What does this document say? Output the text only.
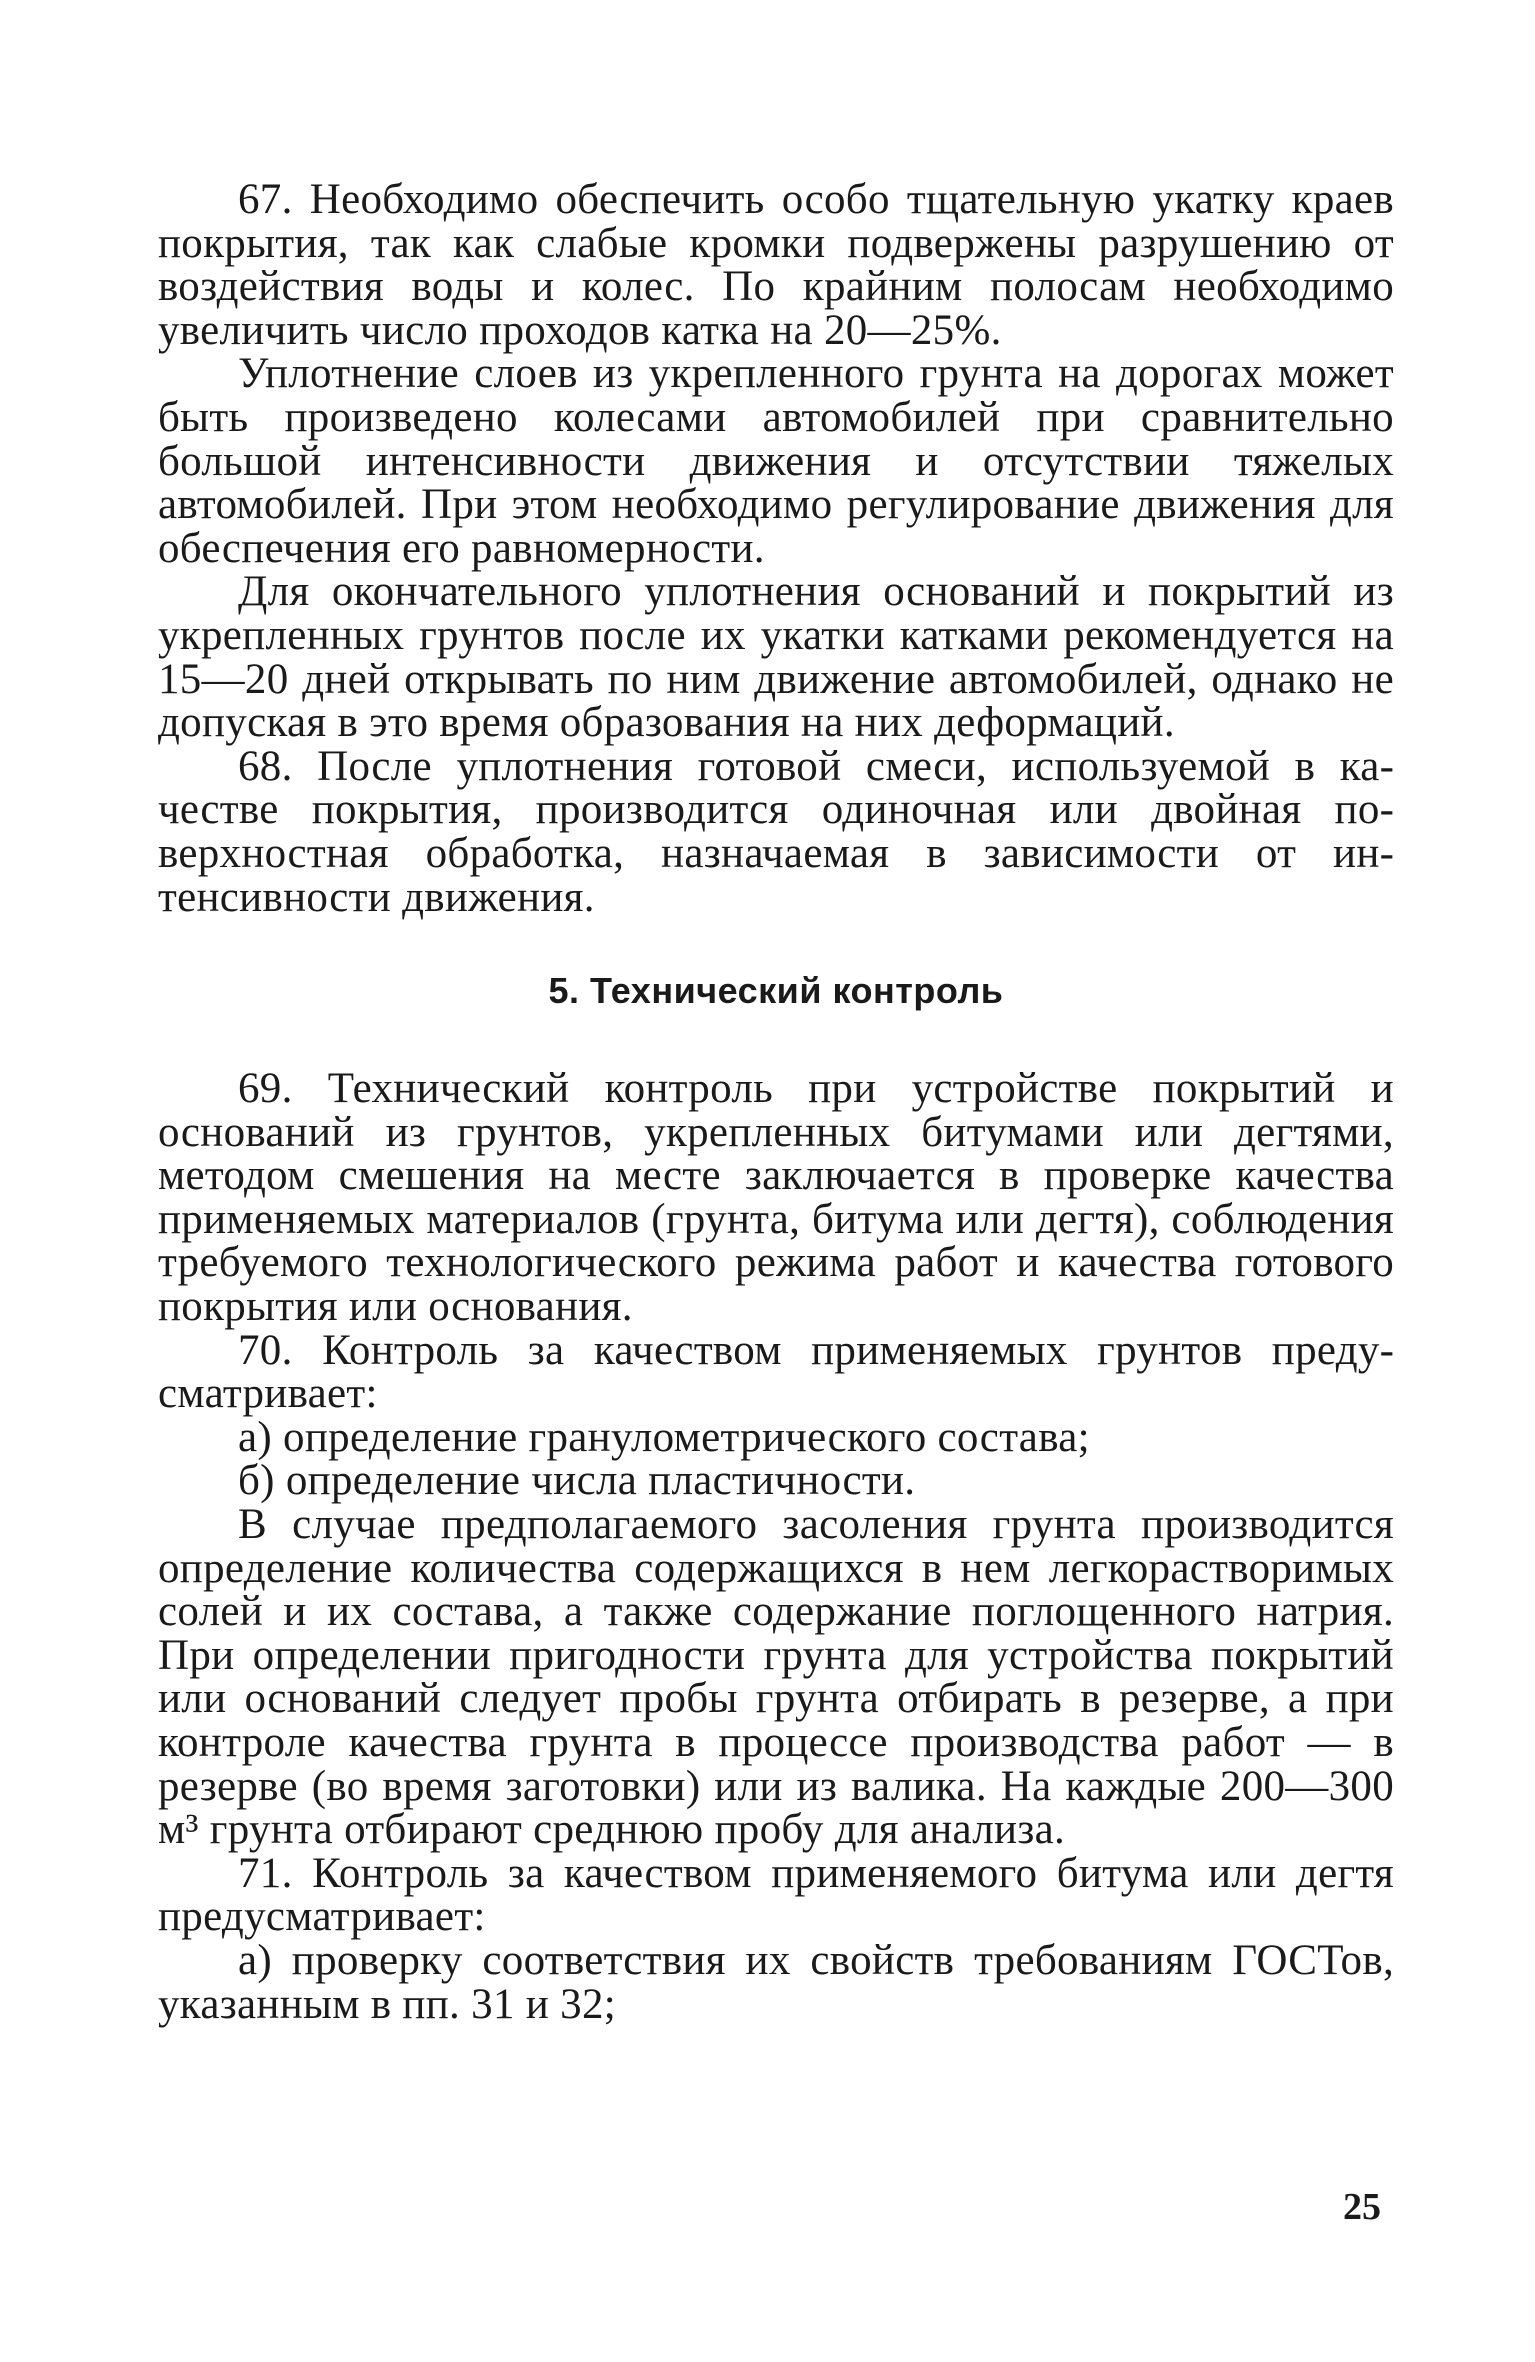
67. Необходимо обеспечить особо тщательную укатку краев покрытия, так как слабые кромки подвержены разрушению от воздействия воды и колес. По крайним полосам необходимо увеличить число проходов катка на 20—25%.

Уплотнение слоев из укрепленного грунта на дорогах может быть произведено колесами автомобилей при сравнительно большой интенсивности движения и отсутствии тяжелых автомобилей. При этом необходимо регулирование движения для обеспечения его равномерности.

Для окончательного уплотнения оснований и покрытий из укрепленных грунтов после их укатки катками рекомендуется на 15—20 дней открывать по ним движение автомобилей, однако не допуская в это время образования на них деформаций.

68. После уплотнения готовой смеси, используемой в качестве покрытия, производится одиночная или двойная поверхностная обработка, назначаемая в зависимости от интенсивности движения.

5. Технический контроль

69. Технический контроль при устройстве покрытий и оснований из грунтов, укрепленных битумами или дегтями, методом смешения на месте заключается в проверке качества применяемых материалов (грунта, битума или дегтя), соблюдения требуемого технологического режима работ и качества готового покрытия или основания.

70. Контроль за качеством применяемых грунтов предусматривает:

а) определение гранулометрического состава;

б) определение числа пластичности.

В случае предполагаемого засоления грунта производится определение количества содержащихся в нем легкорастворимых солей и их состава, а также содержание поглощенного натрия. При определении пригодности грунта для устройства покрытий или оснований следует пробы грунта отбирать в резерве, а при контроле качества грунта в процессе производства работ — в резерве (во время заготовки) или из валика. На каждые 200—300 м³ грунта отбирают среднюю пробу для анализа.

71. Контроль за качеством применяемого битума или дегтя предусматривает:

а) проверку соответствия их свойств требованиям ГОСТов, указанным в пп. 31 и 32;

25
